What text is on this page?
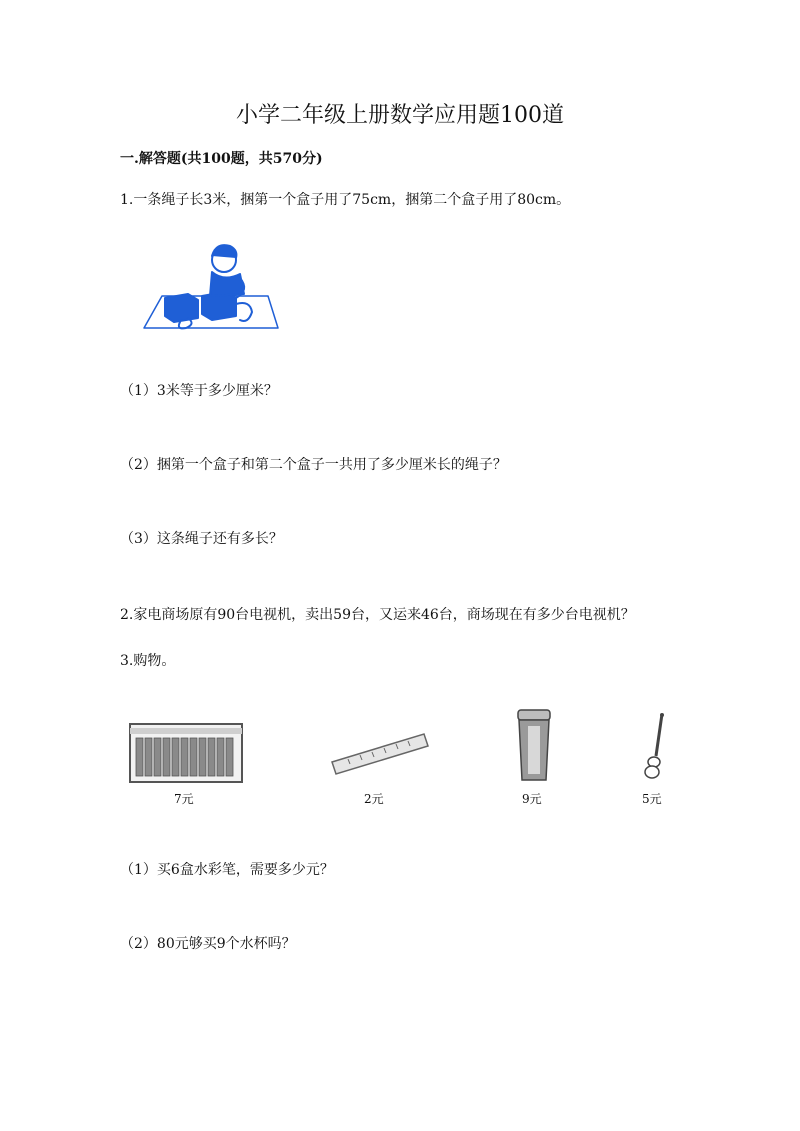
小学二年级上册数学应用题100道
一.解答题(共100题，共570分)
1.一条绳子长3米，捆第一个盒子用了75cm，捆第二个盒子用了80cm。
（1）3米等于多少厘米？
（2）捆第一个盒子和第二个盒子一共用了多少厘米长的绳子？
（3）这条绳子还有多长？
2.家电商场原有90台电视机，卖出59台，又运来46台，商场现在有多少台电视机？
3.购物。
7元	2元	9元	5元
（1）买6盒水彩笔，需要多少元？
（2）80元够买9个水杯吗？
